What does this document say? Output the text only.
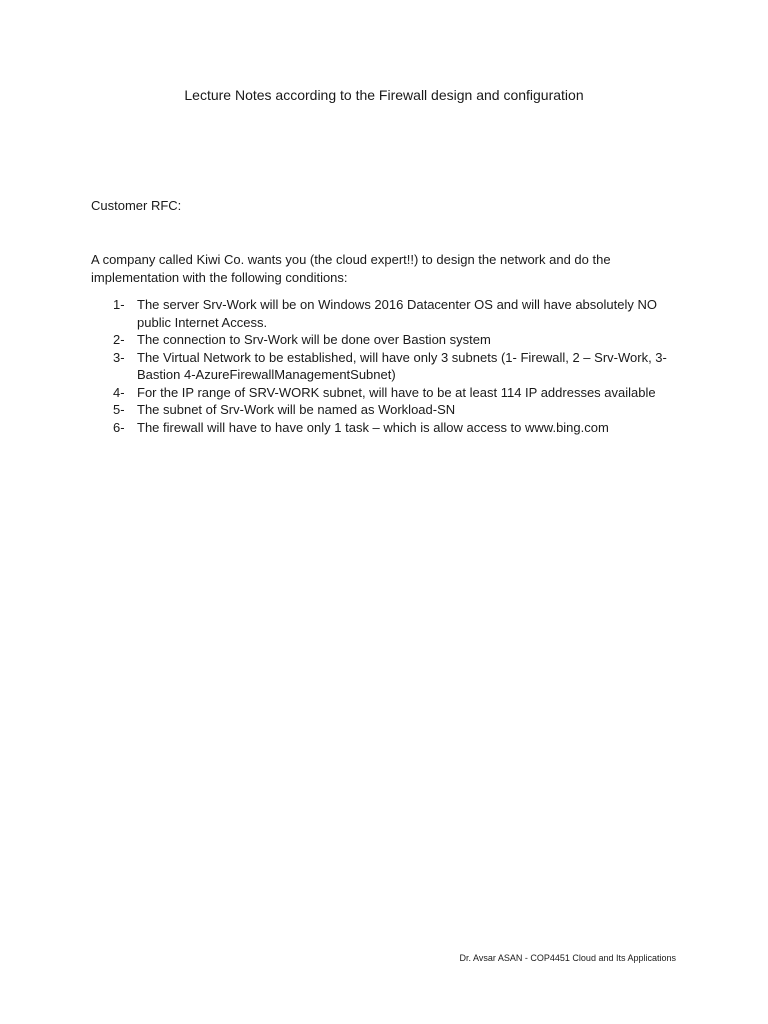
Lecture Notes according to the Firewall design and configuration
Customer RFC:
A company called Kiwi Co. wants you (the cloud expert!!) to design the network and do the implementation with the following conditions:
1- The server Srv-Work will be on Windows 2016 Datacenter OS and will have absolutely NO public Internet Access.
2- The connection to Srv-Work will be done over Bastion system
3- The Virtual Network to be established, will have only 3 subnets (1- Firewall, 2 – Srv-Work, 3-Bastion 4-AzureFirewallManagementSubnet)
4- For the IP range of SRV-WORK subnet, will have to be at least 114 IP addresses available
5- The subnet of Srv-Work will be named as Workload-SN
6- The firewall will have to have only 1 task – which is allow access to www.bing.com
Dr. Avsar ASAN - COP4451 Cloud and Its Applications
